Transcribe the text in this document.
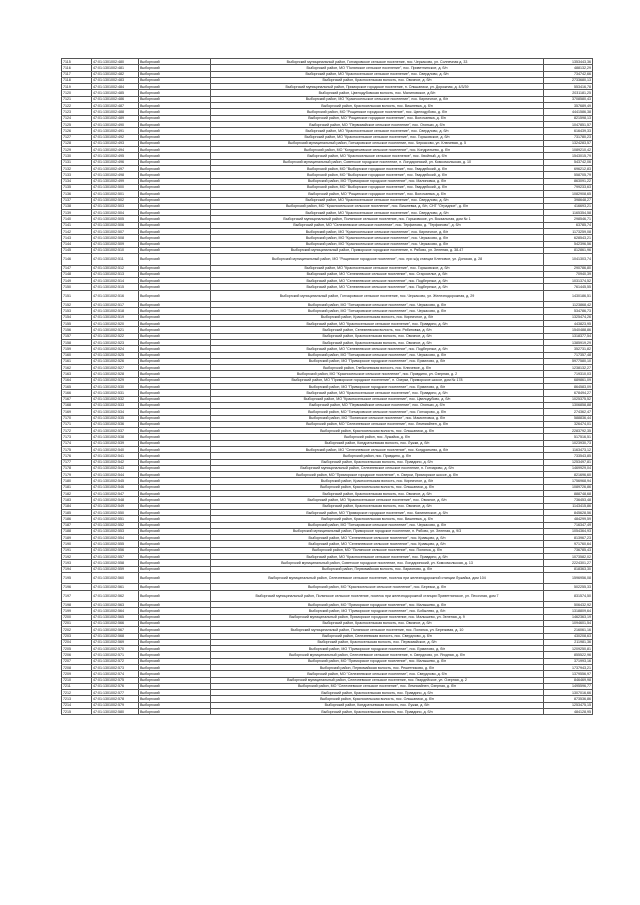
7115	47:01:1301002:480	Выборгский	Выборгский муниципальный район, Гончаровское сельское поселение, пос. Черкасово, ул. Солнечная д. 33	1353443,36
7116	47:01:1301002:481	Выборгский	Выборгский район, МО "Полянское сельское поселение", пос. Приветнинское, д. б/н	488132,29
7117	47:01:1301002:482	Выборгский	Выборгский район, МО "Красносельское сельское поселение", пос. Свердлово, д. б/н	734742,66
7118	47:01:1301002:483	Выборгский	Выборгский район, Красносельская волость, пос. Овсяное, д. б/н	2733680,13
7119	47:01:1301002:484	Выборгский	Выборгский муниципальный район, Приморское городское поселение, п. Ольшаники, ул. Дорожная, д. 4/3/39	553416,78
7120	47:01:1301002:485	Выборгский	Выборгский район, Цвелодубовская волость, пос. Малиновское, д.б/н	2031181,25
7121	47:01:1301002:486	Выборгский	Выборгский район, МО "Красносельское сельское поселение", пос. Кирпичное, д. б/н	3708580,43
7122	47:01:1301002:487	Выборгский	Выборгский район, Красносельская волость, пос. Вишневка, д. б/н	357689,49
7123	47:01:1301002:488	Выборгский	Выборгский район, МО "Рощинское городское поселение", пос. Цвелодубово, д. б/н	4441586,38
7124	47:01:1301002:489	Выборгский	Выборгский район, МО "Рощинское городское поселение", пос. Волочаевка, д. б/н	821598,13
7125	47:01:1301002:490	Выборгский	Выборгский район, МО "Первомайское сельское поселение", пос. Огоньки, д. б/н	1047851,57
7126	47:01:1301002:491	Выборгский	Выборгский район, МО "Красносельское сельское поселение", пос. Свердлово, д. б/н	616439,33
7127	47:01:1301002:492	Выборгский	Выборгский район, МО "Красносельское сельское поселение", пос. Горьковское, д. б/н	731780,23
7128	47:01:1301002:493	Выборгский	Выборгский муниципальный район, Гончаровское сельское поселение, пос. Черкасово, ул. Ключевая, д. 5	1324283,57
7129	47:01:1301002:494	Выборгский	Выборгский район, МО "Кондратьевское сельское поселение", пос. Кондратьево, д. б/н	1089210,42
7130	47:01:1301002:495	Выборгский	Выборгский район, МО "Красносельское сельское поселение", пос. Хвойный, д. б/н	1543015,79
7131	47:01:1301002:496	Выборгский	Выборгский муниципальный район, Советское городское поселение, п. Лондаринский, ул. Комсомольская, д. 10	543742,06
7132	47:01:1301002:497	Выборгский	Выборгский район, МО "Выборгское городское поселение", пос. Гвардейский, д. б/н	696212,83
7133	47:01:1301002:498	Выборгский	Выборгский район, МО "Выборгское городское поселение", пос. Гвардейский, д. б/н	558705,79
7134	47:01:1301002:499	Выборгский	Выборгский район, МО "Приморское городское поселение", пос. Малиновка, д. б/н	863091,22
7135	47:01:1301002:500	Выборгский	Выборгский район, МО "Выборгское городское поселение", пос. Гвардейский, д. б/н	799233,63
7136	47:01:1301002:501	Выборгский	Выборгский район, МО "Рощинское городское поселение", пос. Волочаевка, д. б/н	1082908,65
7137	47:01:1301002:502	Выборгский	Выборгский район, МО "Красносельское сельское поселение", пос. Свердлово, д. б/н	398648,27
7138	47:01:1301002:503	Выборгский	Выборгский район, МО "Красносельское сельское поселение", пос. Вишневка, д. б/н, СНТ "Отрадное", д. б/н	416693,21
7139	47:01:1301002:504	Выборгский	Выборгский район, МО "Красносельское сельское поселение", пос. Свердлово, д. б/н	1165354,58
7140	47:01:1301002:505	Выборгский	Выборгский муниципальный район, Полянское сельское поселение, пос. Горьковское, ул. Вокзальная, дом № 1	298546,71
7141	47:01:1301002:506	Выборгский	Выборгский район, МО "Селезневское сельское поселение", пос. Терфиново, д. "Терфиново", д. б/н	63785,74
7142	47:01:1301002:507	Выборгский	Выборгский район, МО "Красносельское сельское поселение", пос. Кирпичное, д. б/н	1173259,08
7143	47:01:1301002:508	Выборгский	Выборгский район, МО "Красносельское сельское поселение", пос. Черкасово, д. б/н	628543,21
7144	47:01:1301002:509	Выборгский	Выборгский район, МО "Красносельское сельское поселение", пос. Черкасово, д. б/н	542396,56
7145	47:01:1301002:510	Выборгский	Выборгский муниципальный район, Приморское городское поселение, п. Рябово, ул. Зеленая, д. 38-47	812861,96
7146	47:01:1301002:511	Выборгский	Выборгский муниципальный район, МО "Рощинское городское поселение", пос. при ж/д станции Кленовое, ул. Донская, д. 28	1041303,74
7147	47:01:1301002:512	Выборгский	Выборгский район, МО "Красносельское сельское поселение", пос. Горьковское, д. б/н	290786,80
7148	47:01:1301002:513	Выборгский	Выборгский район, МО "Селезневское сельское поселение", пос. Староселье, д. б/н	70940,39
7149	47:01:1301002:514	Выборгский	Выборгский район, МО "Селезневское сельское поселение", пос. Подберезье, д. б/н	1031374,52
7150	47:01:1301002:515	Выборгский	Выборгский район, МО "Селезневское сельское поселение", пос. Подберезье, д. б/н	761445,55
7151	47:01:1301002:516	Выборгский	Выборгский муниципальный район, Гончаровское сельское поселение, пос. Черкасово, ул. Железнодорожная, д. 29	1430186,51
7152	47:01:1301002:517	Выборгский	Выборгский район, МО "Гончаровское сельское поселение", пос. Черкасово, д. б/н	1123868,42
7153	47:01:1301002:518	Выборгский	Выборгский район, МО "Гончаровское сельское поселение", пос. Черкасово, д. б/н	534786,73
7154	47:01:1301002:519	Выборгский	Выборгский район, Красносельская волость, пос. Кирпичное, д. б/н	1325474,26
7155	47:01:1301002:520	Выборгский	Выборгский район, МО "Красносельское сельское поселение", пос. Правдино, д. б/н	443823,95
7156	47:01:1301002:521	Выборгский	Выборгский район, Селезневская волость, пос. Рябиновка, д. б/н	1540488,86
7157	47:01:1301002:522	Выборгский	Выборгский район, Красносельская волость, пос. Овсяное, д. б/н	1318377,54
7158	47:01:1301002:523	Выборгский	Выборгский район, Красносельская волость, пос. Овсяное, д. б/н	1385919,29
7159	47:01:1301002:524	Выборгский	Выборгский район, МО "Селезневское сельское поселение", пос. Подберезье, д. б/н	352731,82
7160	47:01:1301002:525	Выборгский	Выборгский район, МО "Гончаровское сельское поселение", пос. Черкасово, д. б/н	717357,48
7161	47:01:1301002:526	Выборгский	Выборгский район, МО "Приморское городское поселение", пос. Ермилово, д. б/н	5977580,10
7162	47:01:1301002:527	Выборгский	Выборгский район, Глебычевская волость, пос. Ключевое, д. б/н	1238132,27
7163	47:01:1301002:528	Выборгский	Выборгский район, МО "Красносельское сельское поселение", пос. Правдино, ул. Озерная, д. 2	719310,03
7164	47:01:1301002:529	Выборгский	Выборгский район, МО "Приморское городское поселение", п. Озерки, Приморское шоссе, дом № 178	689861,09
7165	47:01:1301002:530	Выборгский	Выборгский район, МО "Приморское городское поселение", пос. Ермилово, д. б/н	864583,09
7166	47:01:1301002:531	Выборгский	Выборгский район, МО "Красносельское сельское поселение", пос. Правдино, д. б/н	678494,27
7167	47:01:1301002:532	Выборгский	Выборгский район, МО "Красносельское сельское поселение", пос. Цвелодубово, д. б/н	1025375,52
7168	47:01:1301002:533	Выборгский	Выборгский район, МО "Первомайское сельское поселение", пос. Огоньки, д. б/н	1306858,88
7169	47:01:1301002:534	Выборгский	Выборгский район, МО "Гончаровское сельское поселение", пос. Гончарово, д. б/н	274362,47
7170	47:01:1301002:535	Выборгский	Выборгский район, МО "Полянское сельское поселение", пос. Мамонтовка, д. б/н	588836,44
7171	47:01:1301002:536	Выборгский	Выборгский район, МО "Селезневское сельское поселение", пос. Лемпиайнен, д. б/н	326474,01
7172	47:01:1301002:537	Выборгский	Выборгский район, Красносельская волость, пос. Ольшаники, д. б/н	2283792,35
7173	47:01:1301002:538	Выборгский	Выборгский район, пос. Лужайка, д. б/н	517516,51
7174	47:01:1301002:539	Выборгский	Выборгский район, Кондратьевская волость, пос. Лужки, д. б/н	1023930,73
7175	47:01:1301002:540	Выборгский	Выборгский район, МО "Селезневское сельское поселение", пос. Кондратьево, д. б/н	1163473,12
7176	47:01:1301002:541	Выборгский	Выборгский район, пос. Правдино, д. б/н	733543,85
7177	47:01:1301002:542	Выборгский	Выборгский район, Красносельская волость, пос. Правдино, д. б/н	1253497,81
7178	47:01:1301002:543	Выборгский	Выборгский муниципальный район, Селезневское сельское поселение, п. Гончарово, д. б/н	1469929,04
7179	47:01:1301002:544	Выборгский	Выборгский район, МО "Приморское городское поселение", п. Озерки, Приморское шоссе, д. б/н	821696,60
7180	47:01:1301002:545	Выборгский	Выборгский район, Красносельская волость, пос. Кирпичное, д. б/н	1756968,94
7181	47:01:1301002:546	Выборгский	Выборгский район, Красносельская волость, пос. Ольшаники, д. б/н	1089726,86
7182	47:01:1301002:547	Выборгский	Выборгский район, Красносельская волость, пос. Овсяное, д. б/н	888748,68
7183	47:01:1301002:548	Выборгский	Выборгский район, МО "Красносельское сельское поселение", пос. Овсяное, д. б/н	736453,48
7184	47:01:1301002:549	Выборгский	Выборгский район, Красносельская волость, пос. Овсяное, д. б/н	1143415,86
7185	47:01:1301002:550	Выборгский	Выборгский район, МО "Приморское городское поселение", пос. Калининское, д. б/н	845628,56
7186	47:01:1301002:551	Выборгский	Выборгский район, Красносельская волость, пос. Вишневка, д. б/н	484299,59
7187	47:01:1301002:552	Выборгский	Выборгский район, МО "Гончаровское сельское поселение", пос. Черкасово, д. б/н	716347,49
7188	47:01:1301002:553	Выборгский	Выборгский муниципальный район, Приморское городское поселение, п. Рябово, ул. Зеленая, д. 9/3	1054364,93
7189	47:01:1301002:554	Выборгский	Выборгский район, МО "Селезневское сельское поселение", пос. Кравцово, д. б/н	813967,23
7190	47:01:1301002:555	Выборгский	Выборгский район, МО "Селезневское сельское поселение", пос. Кравцово, д. б/н	971760,64
7191	47:01:1301002:556	Выборгский	Выборгский район, МО "Полянское сельское поселение", пос. Полянка, д. б/н	736785,43
7192	47:01:1301002:557	Выборгский	Выборгский район, МО "Красносельское сельское поселение", пос. Правдино, д. б/н	1073582,02
7193	47:01:1301002:558	Выборгский	Выборгский муниципальный район, Советское городское поселение, пос. Лондаринский, ул. Комсомольская, д. 13	2224301,27
7194	47:01:1301002:559	Выборгский	Выборгский район, Первомайская волость, пос. Ларионово, д. б/н	818363,30
7195	47:01:1301002:560	Выборгский	Выборгский муниципальный район, Селезневское сельское поселение, поселок при железнодорожной станции Лужайка, дом 104	1596956,08
7196	47:01:1301002:561	Выборгский	Выборгский район, МО "Красносельское сельское поселение", пос. Березки, д. б/н	502255,33
7197	47:01:1301002:562	Выборгский	Выборгский муниципальный район, Полянское сельское поселение, поселок при железнодорожной станции Приветнинское, ул. Песочная, дом 7	831574,50
7198	47:01:1301002:563	Выборгский	Выборгский район, МО "Приморское городское поселение", пос. Малышево, д. б/н	506432,92
7199	47:01:1301002:564	Выборгский	Выборгский район, МО "Приморское городское поселение", пос. Бобылево, д. б/н	1318809,64
7200	47:01:1301002:565	Выборгский	Выборгский муниципальный район, Приморское городское поселение, пос. Малышево, ул. Зеленая, д. 9	1462363,19
7201	47:01:1301002:566	Выборгский	Выборгский район, Красносельская волость, пос. Овсяное, д. б/н	1094601,54
7202	47:01:1301002:567	Выборгский	Выборгский муниципальный район, Полянское сельское поселение, пос. Полянка, ул. Березовая, д. 10	216061,16
7203	47:01:1301002:568	Выборгский	Выборгский район, Селезневская волость, пос. Свердлово, д. б/н	430208,63
7204	47:01:1301002:569	Выборгский	Выборгский район, Красносельская волость, пос. Первомайское, д. б/н	211981,36
7205	47:01:1301002:570	Выборгский	Выборгский район, МО "Приморское городское поселение", пос. Ермилово, д. б/н	1209250,81
7206	47:01:1301002:571	Выборгский	Выборгский муниципальный район, Селезневское сельское поселение, п. Свердлово, ул. Ягодная, д. б/н	855522,96
7207	47:01:1301002:572	Выборгский	Выборгский район, МО "Приморское городское поселение", пос. Малышево, д. б/н	371993,16
7208	47:01:1301002:573	Выборгский	Выборгский район, Первомайская волость, пос. Решетниково, д. б/н	1737943,21
7209	47:01:1301002:574	Выборгский	Выборгский район, МО "Селезневское сельское поселение", пос. Свердлово, д. б/н	1379556,97
7210	47:01:1301002:575	Выборгский	Выборгский муниципальный район, Селезневское сельское поселение, пос. Гвардейское, ул. Озерная, д. 2	846469,98
7211	47:01:1301002:576	Выборгский	Выборгский район, МО "Селезневское сельское поселение", пос. Лемпиайнен, Озерная, д. б/н	1495596,77
7212	47:01:1301002:577	Выборгский	Выборгский район, Красносельская волость, пос. Правдино, д. б/н	1307016,66
7213	47:01:1301002:578	Выборгский	Выборгский район, Красносельская волость, пос. Ольшаники, д. б/н	873536,86
7214	47:01:1301002:579	Выборгский	Выборгский район, Кондратьевская волость, пос. Лужки, д. б/н	1253475,15
7215	47:01:1301002:580	Выборгский	Выборгский район, Красносельская волость, пос. Правдино, д. б/н	484128,95
